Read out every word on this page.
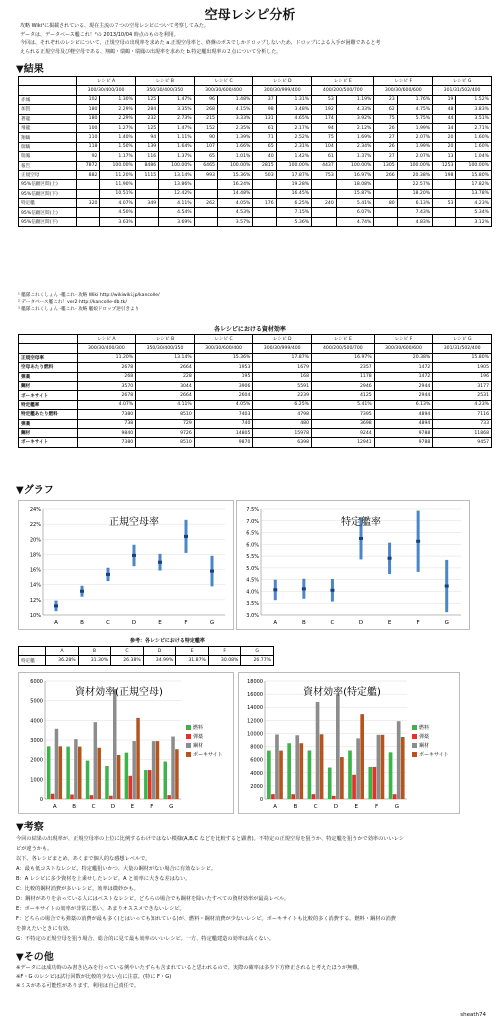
空母レシピ分析
攻略 Wiki¹に掲載されている、現在主流の７つの空母レシピについて考察してみた。
データは、データベース艦これ！²の 2013/10/04 時点のものを利用。
今回は、それぞれのレシピについて、正規空母の出現率を求めた a.正規空母率と、終盤のボスでしかドロップしないため、ドロップによる入手が困難であると考
えられる正規空母及び軽空母である、翔鶴・瑞鶴・瑞鳳の出現率を求めた b.特定艦出現率の２点について分析した。
▼結果
	レシピ A		レシピ B		レシピ C		レシピ D		レシピ E		レシピ F		レシピ G	
	300/30/400/300		350/30/400/350		300/30/600/400		300/30/999/400		400/200/500/700		300/30/600/600		301/31/502/400	
赤城	102	1.30%	125	1.47%	96	1.48%	37	1.31%	53	1.19%	23	1.76%	19	1.52%
加賀	180	2.29%	284	3.35%	268	4.15%	98	3.48%	192	4.33%	62	4.75%	48	3.83%
蒼龍	180	2.29%	232	2.73%	215	3.33%	131	4.65%	174	3.92%	75	5.75%	44	3.51%
飛龍	100	1.27%	125	1.47%	152	2.35%	61	2.17%	94	2.12%	26	1.99%	34	2.71%
翔鶴	110	1.40%	94	1.11%	90	1.39%	71	2.52%	75	1.69%	27	2.07%	20	1.60%
瑞鶴	118	1.50%	139	1.64%	107	1.66%	65	2.31%	104	2.34%	26	1.99%	20	1.60%
瑞鳳	92	1.17%	116	1.37%	65	1.01%	40	1.42%	61	1.37%	27	2.07%	13	1.04%
報告	7872	100.00%	8486	100.00%	6465	100.00%	2815	100.00%	4437	100.00%	1305	100.00%	1253	100.00%
正規空母	882	11.20%	1115	13.14%	993	15.36%	503	17.87%	753	16.97%	266	20.38%	198	15.80%
95%信頼区間(上)		11.90%		13.86%		16.24%		19.28%		18.08%		22.57%		17.82%
95%信頼区間(下)		10.51%		12.42%		14.48%		16.45%		15.87%		18.20%		13.78%
特定艦	320	4.07%	349	4.11%	262	4.05%	176	6.25%	240	5.41%	80	6.13%	53	4.23%
95%信頼区間(上)		4.50%		4.54%		4.53%		7.15%		6.07%		7.43%		5.34%
95%信頼区間(下)		3.63%		3.69%		3.57%		5.36%		4.74%		4.83%		3.12%
¹ 艦隊これくしょん -艦これ- 攻略 Wiki http://wikiwiki.jp/kancolle/
² データベース艦これ！ver2 http://kancolle-db.tk/
³ 艦隊これくしょん -艦これ- 攻略 艦娘ドロップ逆引きより
各レシピにおける資材効率
	レシピ A	レシピ B	レシピ C	レシピ D	レシピ E	レシピ F	レシピ G
	300/30/400/300	350/30/400/350	300/30/600/400	300/30/999/400	400/200/500/700	300/30/600/600	301/31/502/400
正規空母率	11.20%	13.14%	15.36%	17.87%	16.97%	20.38%	15.80%
空母あたり燃料	2678	2664	1953	1679	2357	1472	1905
弾薬	268	228	195	168	1178	1472	196
鋼材	3570	3044	3906	5591	2946	2944	3177
ボーキサイト	2678	2664	2604	2239	4125	2944	2531
特定艦率	4.07%	4.11%	4.05%	6.25%	5.41%	6.13%	4.23%
特定艦あたり燃料	7380	8510	7403	4798	7395	4894	7116
弾薬	738	729	740	480	3698	4894	733
鋼材	9840	9726	14805	15978	9244	9788	11868
ボーキサイト	7380	8510	9870	6398	12941	9788	9457
▼グラフ
10%
12%
14%
16%
18%
20%
22%
24%
A	B	C	D	E	F	G
正規空母率
3.0%
3.5%
4.0%
4.5%
5.0%
5.5%
6.0%
6.5%
7.0%
7.5%
A	B	C	D	E	F	G
特定艦率
参考：各レシピにおける特定艦率
	A	B	C	D	E	F	G
特定艦	36.28%	31.30%	26.38%	34.99%	31.87%	30.08%	26.77%
0
1000
2000
3000
4000
5000
6000
A	B	C	D	E	F	G
資材効率(正規空母)
燃料
弾薬
鋼材
ボーキサイト
0
2000
4000
6000
8000
10000
12000
14000
16000
18000
A	B	C	D	E	F	G
資材効率(特定艦)
燃料
弾薬
鋼材
ボーキサイト
▼考察
今回の結果の出現率が、正規空母率の上位に比例するわけではない模様(A,B,C などを比較すると顕著)。不特定の正規空母を狙うか、特定艦を狙うかで効率のいいレシ
ピが違うかも。
以下、各レシピまとめ。あくまで個人的な感想レベルで。
A：最も低コストなレシピ。特定艦狙いかつ、大量の鋼材がない場合に有効なレシピ。
B：A レシピに多少資材を上乗せしたレシピ。A と効率に大きな差はない。
C：比較的鋼材消費が多いレシピ。効率は微妙かも。
D：鋼材がありを余っている人にはベストなレシピ。どちらの場合でも鋼材を除いたすべての資材効率が最高レベル。
E：ボーキサイトの効率が非常に悪い。あまりオススメできないレシピ。
F：どちらの場合でも弾薬の消費が最も多く(とはいっても知れている)が、燃料・鋼材消費が少ないレシピ。ボーキサイトも比較的多く消費する。燃料・鋼材の消費
を抑えたいときに有効。
G：不特定の正規空母を狙う場合、総合的に見て最も効率のいいレシピ。一方、特定艦建造の効率は高くない。
▼その他
※データには成功時のみ書き込みを行っている例やいたずらも含まれていると思われるので、実際の確率は多少下方修正されると考えたほうが無難。
※F・G のレシピは試行回数が比較的少ない点に注意。(特に F・G)
※ミスがある可能性があります。利用は自己責任で。
sheath74
